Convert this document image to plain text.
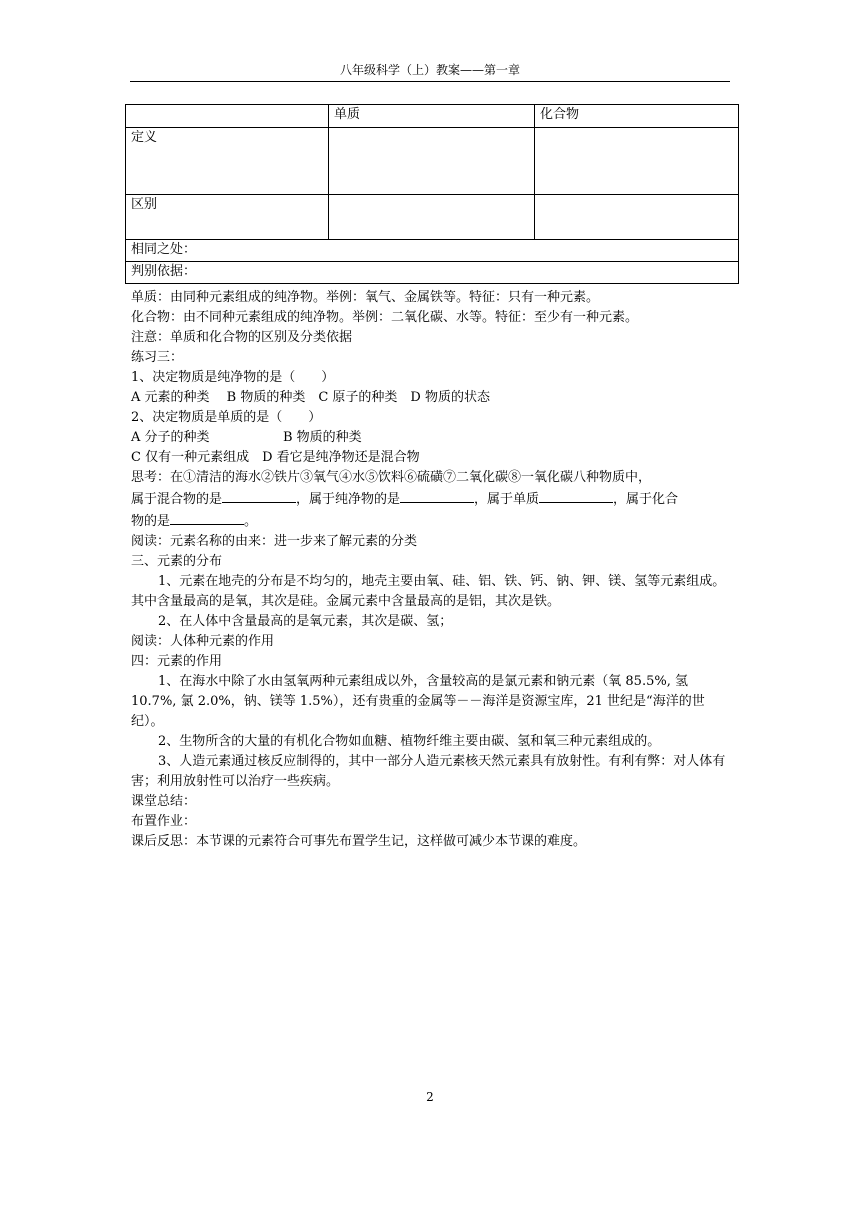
八年级科学（上）教案——第一章
	单质	化合物
定义		
区别		
相同之处：		
判别依据：		

单质：由同种元素组成的纯净物。举例：氧气、金属铁等。特征：只有一种元素。

化合物：由不同种元素组成的纯净物。举例：二氧化碳、水等。特征：至少有一种元素。

注意：单质和化合物的区别及分类依据

练习三：

1、决定物质是纯净物的是（　　）

A 元素的种类　 B 物质的种类　C 原子的种类　D 物质的状态

2、决定物质是单质的是（　　）

A 分子的种类	B 物质的种类

C 仅有一种元素组成　D 看它是纯净物还是混合物

思考：在①清洁的海水②铁片③氧气④水⑤饮料⑥硫磺⑦二氧化碳⑧一氧化碳八种物质中，

属于混合物的是	，属于纯净物的是	，属于单质	，属于化合

物的是	。

阅读：元素名称的由来：进一步来了解元素的分类

三、元素的分布

1、元素在地壳的分布是不均匀的，地壳主要由氧、硅、铝、铁、钙、钠、钾、镁、氢等元素组成。其中含量最高的是氧，其次是硅。金属元素中含量最高的是铝，其次是铁。

2、在人体中含量最高的是氧元素，其次是碳、氢；

阅读：人体种元素的作用

四：元素的作用

1、在海水中除了水由氢氧两种元素组成以外，含量较高的是氯元素和钠元素（氧 85.5%, 氢 10.7%, 氯 2.0%，钠、镁等 1.5%），还有贵重的金属等－－海洋是资源宝库，21 世纪是“海洋的世纪）。

2、生物所含的大量的有机化合物如血糖、植物纤维主要由碳、氢和氧三种元素组成的。

3、人造元素通过核反应制得的，其中一部分人造元素核天然元素具有放射性。有利有弊：对人体有害；利用放射性可以治疗一些疾病。

课堂总结：

布置作业：

课后反思：本节课的元素符合可事先布置学生记，这样做可减少本节课的难度。

2
